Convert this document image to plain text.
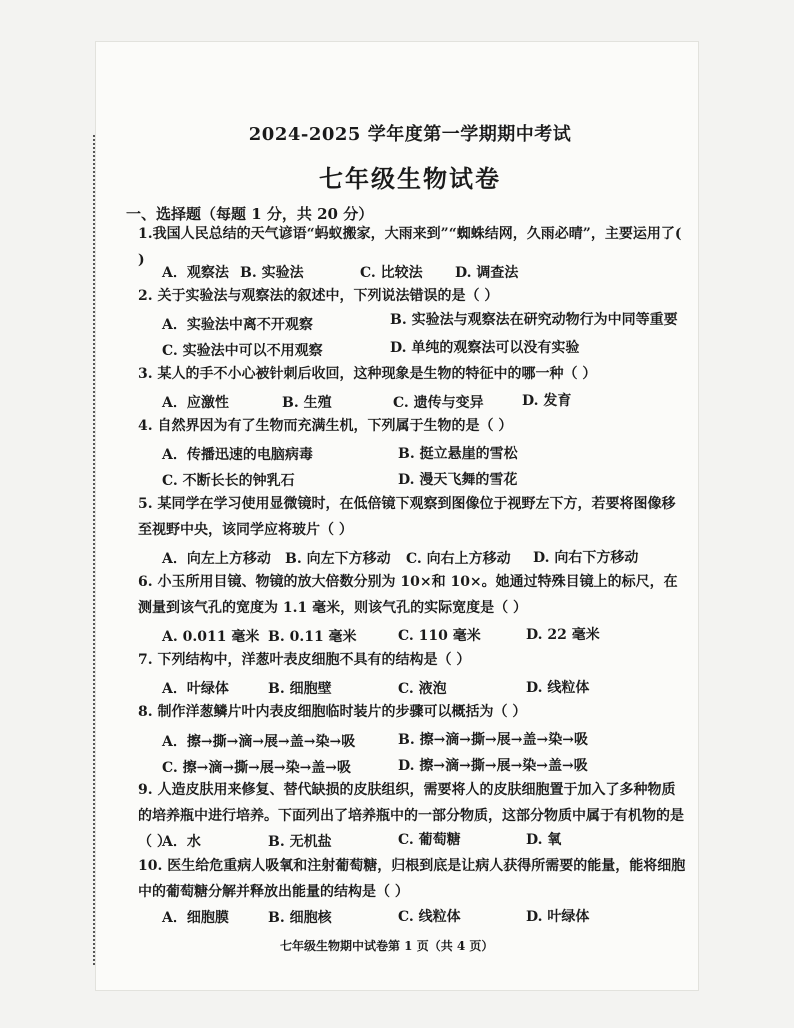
2024-2025 学年度第一学期期中考试
七年级生物试卷
一、选择题（每题 1 分，共 20 分）
1.我国人民总结的天气谚语“蚂蚁搬家，大雨来到”“蜘蛛结网，久雨必晴”，主要运用了( )
A．观察法 B. 实验法	C. 比较法 D. 调查法
2. 关于实验法与观察法的叙述中，下列说法错误的是（ ）
A．实验法中离不开观察	B. 实验法与观察法在研究动物行为中同等重要
C. 实验法中可以不用观察	D. 单纯的观察法可以没有实验
3. 某人的手不小心被针刺后收回，这种现象是生物的特征中的哪一种（ ）
A．应激性	B. 生殖	C. 遗传与变异	D. 发育
4. 自然界因为有了生物而充满生机，下列属于生物的是（ ）
A．传播迅速的电脑病毒	B. 挺立悬崖的雪松
C. 不断长长的钟乳石	D. 漫天飞舞的雪花
5. 某同学在学习使用显微镜时，在低倍镜下观察到图像位于视野左下方，若要将图像移至视野中央，该同学应将玻片（ ）
A．向左上方移动 B. 向左下方移动 C. 向右上方移动 D. 向右下方移动
6. 小玉所用目镜、物镜的放大倍数分别为 10×和 10×。她通过特殊目镜上的标尺，在测量到该气孔的宽度为 1.1 毫米，则该气孔的实际宽度是（ ）
A. 0.011 毫米 B. 0.11 毫米	C. 110 毫米	D. 22 毫米
7. 下列结构中，洋葱叶表皮细胞不具有的结构是（ ）
A．叶绿体	B. 细胞壁	C. 液泡	D. 线粒体
8. 制作洋葱鳞片叶内表皮细胞临时装片的步骤可以概括为（ ）
A．擦→撕→滴→展→盖→染→吸	B. 擦→滴→撕→展→盖→染→吸
C. 擦→滴→撕→展→染→盖→吸	D. 擦→滴→撕→展→染→盖→吸
9. 人造皮肤用来修复、替代缺损的皮肤组织，需要将人的皮肤细胞置于加入了多种物质的培养瓶中进行培养。下面列出了培养瓶中的一部分物质，这部分物质中属于有机物的是（ ）
A．水	B. 无机盐	C. 葡萄糖	D. 氧
10. 医生给危重病人吸氧和注射葡萄糖，归根到底是让病人获得所需要的能量，能将细胞中的葡萄糖分解并释放出能量的结构是（ ）
A．细胞膜	B. 细胞核	C. 线粒体	D. 叶绿体
七年级生物期中试卷第 1 页（共 4 页）
